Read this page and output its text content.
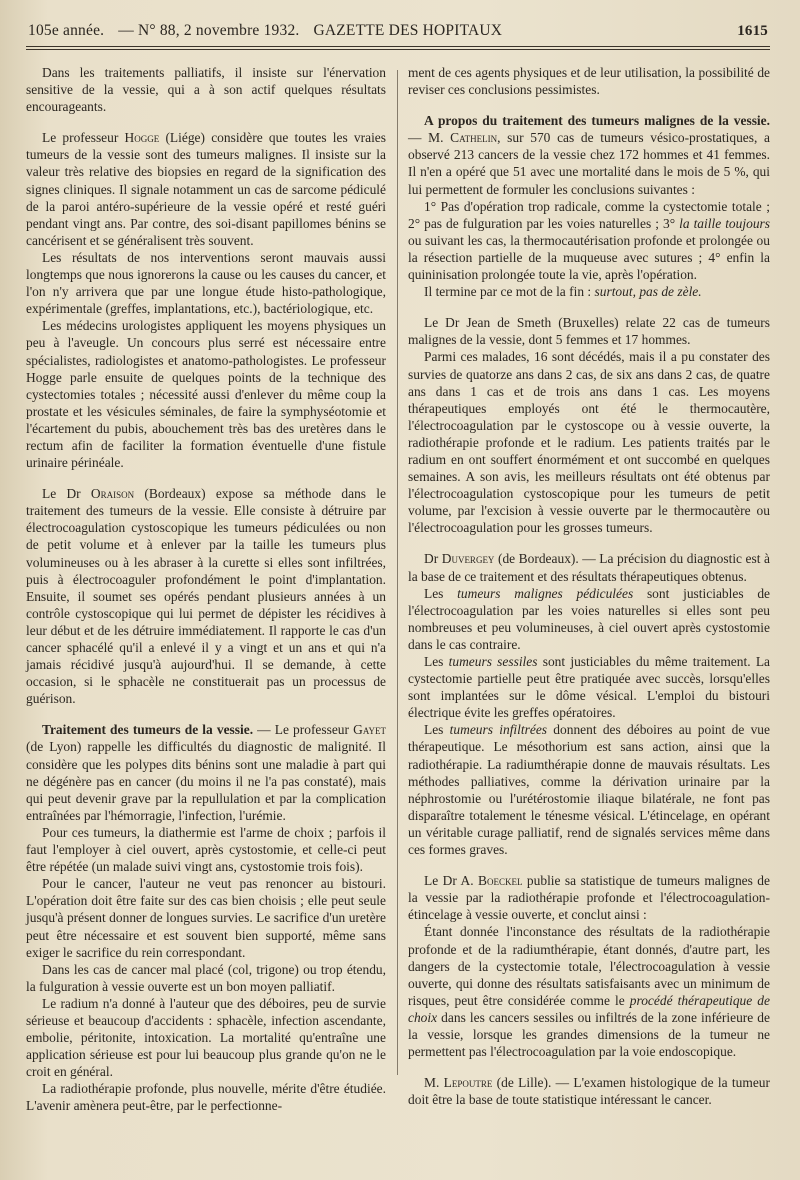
105e année. — N° 88, 2 novembre 1932. GAZETTE DES HOPITAUX	1615

Dans les traitements palliatifs, il insiste sur l'énervation sensitive de la vessie, qui a à son actif quelques résultats encourageants.

Le professeur Hogge (Liége) considère que toutes les vraies tumeurs de la vessie sont des tumeurs malignes. Il insiste sur la valeur très relative des biopsies en regard de la signification des signes cliniques. Il signale notamment un cas de sarcome pédiculé de la paroi antéro-supérieure de la vessie opéré et resté guéri pendant vingt ans. Par contre, des soi-disant papillomes bénins se cancérisent et se généralisent très souvent.

Les résultats de nos interventions seront mauvais aussi longtemps que nous ignorerons la cause ou les causes du cancer, et l'on n'y arrivera que par une longue étude histo-pathologique, expérimentale (greffes, implantations, etc.), bactériologique, etc.

Les médecins urologistes appliquent les moyens physiques un peu à l'aveugle. Un concours plus serré est nécessaire entre spécialistes, radiologistes et anatomo-pathologistes. Le professeur Hogge parle ensuite de quelques points de la technique des cystectomies totales ; nécessité aussi d'enlever du même coup la prostate et les vésicules séminales, de faire la symphyséotomie et l'écartement du pubis, abouchement très bas des uretères dans le rectum afin de faciliter la formation éventuelle d'une fistule urinaire périnéale.

Le Dr Oraison (Bordeaux) expose sa méthode dans le traitement des tumeurs de la vessie. Elle consiste à détruire par électrocoagulation cystoscopique les tumeurs pédiculées ou non de petit volume et à enlever par la taille les tumeurs plus volumineuses ou à les abraser à la curette si elles sont infiltrées, puis à électrocoaguler profondément le point d'implantation. Ensuite, il soumet ses opérés pendant plusieurs années à un contrôle cystoscopique qui lui permet de dépister les récidives à leur début et de les détruire immédiatement. Il rapporte le cas d'un cancer sphacélé qu'il a enlevé il y a vingt et un ans et qui n'a jamais récidivé jusqu'à aujourd'hui. Il se demande, à cette occasion, si le sphacèle ne constituerait pas un processus de guérison.

Traitement des tumeurs de la vessie. — Le professeur Gayet (de Lyon) rappelle les difficultés du diagnostic de malignité. Il considère que les polypes dits bénins sont une maladie à part qui ne dégénère pas en cancer (du moins il ne l'a pas constaté), mais qui peut devenir grave par la repullulation et par la complication entraînées par l'hémorragie, l'infection, l'urémie.

Pour ces tumeurs, la diathermie est l'arme de choix ; parfois il faut l'employer à ciel ouvert, après cystostomie, et celle-ci peut être répétée (un malade suivi vingt ans, cystostomie trois fois).

Pour le cancer, l'auteur ne veut pas renoncer au bistouri. L'opération doit être faite sur des cas bien choisis ; elle peut seule jusqu'à présent donner de longues survies. Le sacrifice d'un uretère peut être nécessaire et est souvent bien supporté, même sans exiger le sacrifice du rein correspondant.

Dans les cas de cancer mal placé (col, trigone) ou trop étendu, la fulguration à vessie ouverte est un bon moyen palliatif.

Le radium n'a donné à l'auteur que des déboires, peu de survie sérieuse et beaucoup d'accidents : sphacèle, infection ascendante, embolie, péritonite, intoxication. La mortalité qu'entraîne une application sérieuse est pour lui beaucoup plus grande qu'on ne le croit en général.

La radiothérapie profonde, plus nouvelle, mérite d'être étudiée. L'avenir amènera peut-être, par le perfectionne-

ment de ces agents physiques et de leur utilisation, la possibilité de reviser ces conclusions pessimistes.

A propos du traitement des tumeurs malignes de la vessie. — M. Cathelin, sur 570 cas de tumeurs vésico-prostatiques, a observé 213 cancers de la vessie chez 172 hommes et 41 femmes. Il n'en a opéré que 51 avec une mortalité dans le mois de 5 %, qui lui permettent de formuler les conclusions suivantes :

1° Pas d'opération trop radicale, comme la cystectomie totale ; 2° pas de fulguration par les voies naturelles ; 3° la taille toujours ou suivant les cas, la thermocautérisation profonde et prolongée ou la résection partielle de la muqueuse avec sutures ; 4° enfin la quininisation prolongée toute la vie, après l'opération.

Il termine par ce mot de la fin : surtout, pas de zèle.

Le Dr Jean de Smeth (Bruxelles) relate 22 cas de tumeurs malignes de la vessie, dont 5 femmes et 17 hommes.

Parmi ces malades, 16 sont décédés, mais il a pu constater des survies de quatorze ans dans 2 cas, de six ans dans 2 cas, de quatre ans dans 1 cas et de trois ans dans 1 cas. Les moyens thérapeutiques employés ont été le thermocautère, l'électrocoagulation par le cystoscope ou à vessie ouverte, la radiothérapie profonde et le radium. Les patients traités par le radium en ont souffert énormément et ont succombé en quelques semaines. A son avis, les meilleurs résultats ont été obtenus par l'électrocoagulation cystoscopique pour les tumeurs de petit volume, par l'excision à vessie ouverte par le thermocautère ou l'électrocoagulation pour les grosses tumeurs.

Dr Duvergey (de Bordeaux). — La précision du diagnostic est à la base de ce traitement et des résultats thérapeutiques obtenus.

Les tumeurs malignes pédiculées sont justiciables de l'électrocoagulation par les voies naturelles si elles sont peu nombreuses et peu volumineuses, à ciel ouvert après cystostomie dans le cas contraire.

Les tumeurs sessiles sont justiciables du même traitement. La cystectomie partielle peut être pratiquée avec succès, lorsqu'elles sont implantées sur le dôme vésical. L'emploi du bistouri électrique évite les greffes opératoires.

Les tumeurs infiltrées donnent des déboires au point de vue thérapeutique. Le mésothorium est sans action, ainsi que la radiothérapie. La radiumthérapie donne de mauvais résultats. Les méthodes palliatives, comme la dérivation urinaire par la néphrostomie ou l'urétérostomie iliaque bilatérale, ne font pas disparaître totalement le ténesme vésical. L'étincelage, en opérant un véritable curage palliatif, rend de signalés services même dans ces formes graves.

Le Dr A. Boeckel publie sa statistique de tumeurs malignes de la vessie par la radiothérapie profonde et l'électrocoagulation-étincelage à vessie ouverte, et conclut ainsi :

Étant donnée l'inconstance des résultats de la radiothérapie profonde et de la radiumthérapie, étant donnés, d'autre part, les dangers de la cystectomie totale, l'électrocoagulation à vessie ouverte, qui donne des résultats satisfaisants avec un minimum de risques, peut être considérée comme le procédé thérapeutique de choix dans les cancers sessiles ou infiltrés de la zone inférieure de la vessie, lorsque les grandes dimensions de la tumeur ne permettent pas l'électrocoagulation par la voie endoscopique.

M. Lepoutre (de Lille). — L'examen histologique de la tumeur doit être la base de toute statistique intéressant le cancer.
